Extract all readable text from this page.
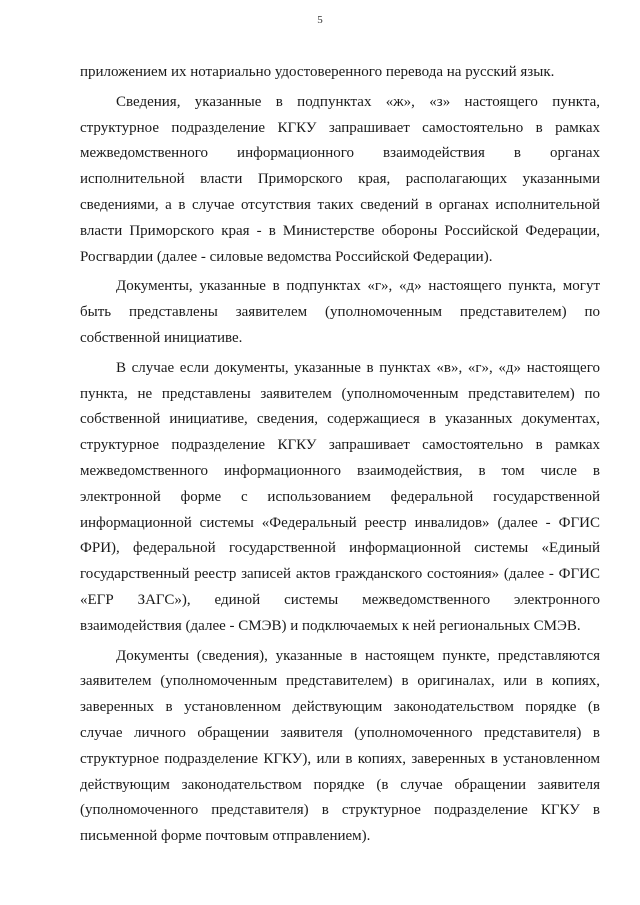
5
приложением их нотариально удостоверенного перевода на русский язык.
Сведения, указанные в подпунктах «ж», «з» настоящего пункта,
структурное подразделение КГКУ запрашивает самостоятельно в рамках
межведомственного информационного взаимодействия в органах
исполнительной власти Приморского края, располагающих указанными
сведениями, а в случае отсутствия таких сведений в органах исполнительной
власти Приморского края - в Министерстве обороны Российской Федерации,
Росгвардии (далее - силовые ведомства Российской Федерации).
Документы, указанные в подпунктах «г», «д» настоящего пункта, могут
быть представлены заявителем (уполномоченным представителем) по
собственной инициативе.
В случае если документы, указанные в пунктах «в», «г», «д» настоящего
пункта, не представлены заявителем (уполномоченным представителем) по
собственной инициативе, сведения, содержащиеся в указанных документах,
структурное подразделение КГКУ запрашивает самостоятельно в рамках
межведомственного информационного взаимодействия, в том числе в
электронной форме с использованием федеральной государственной
информационной системы «Федеральный реестр инвалидов» (далее - ФГИС
ФРИ), федеральной государственной информационной системы «Единый
государственный реестр записей актов гражданского состояния» (далее - ФГИС
«ЕГР ЗАГС»), единой системы межведомственного электронного
взаимодействия (далее - СМЭВ) и подключаемых к ней региональных СМЭВ.
Документы (сведения), указанные в настоящем пункте, представляются
заявителем (уполномоченным представителем) в оригиналах, или в копиях,
заверенных в установленном действующим законодательством порядке (в
случае личного обращении заявителя (уполномоченного представителя) в
структурное подразделение КГКУ), или в копиях, заверенных в установленном
действующим законодательством порядке (в случае обращении заявителя
(уполномоченного представителя) в структурное подразделение КГКУ в
письменной форме почтовым отправлением).
